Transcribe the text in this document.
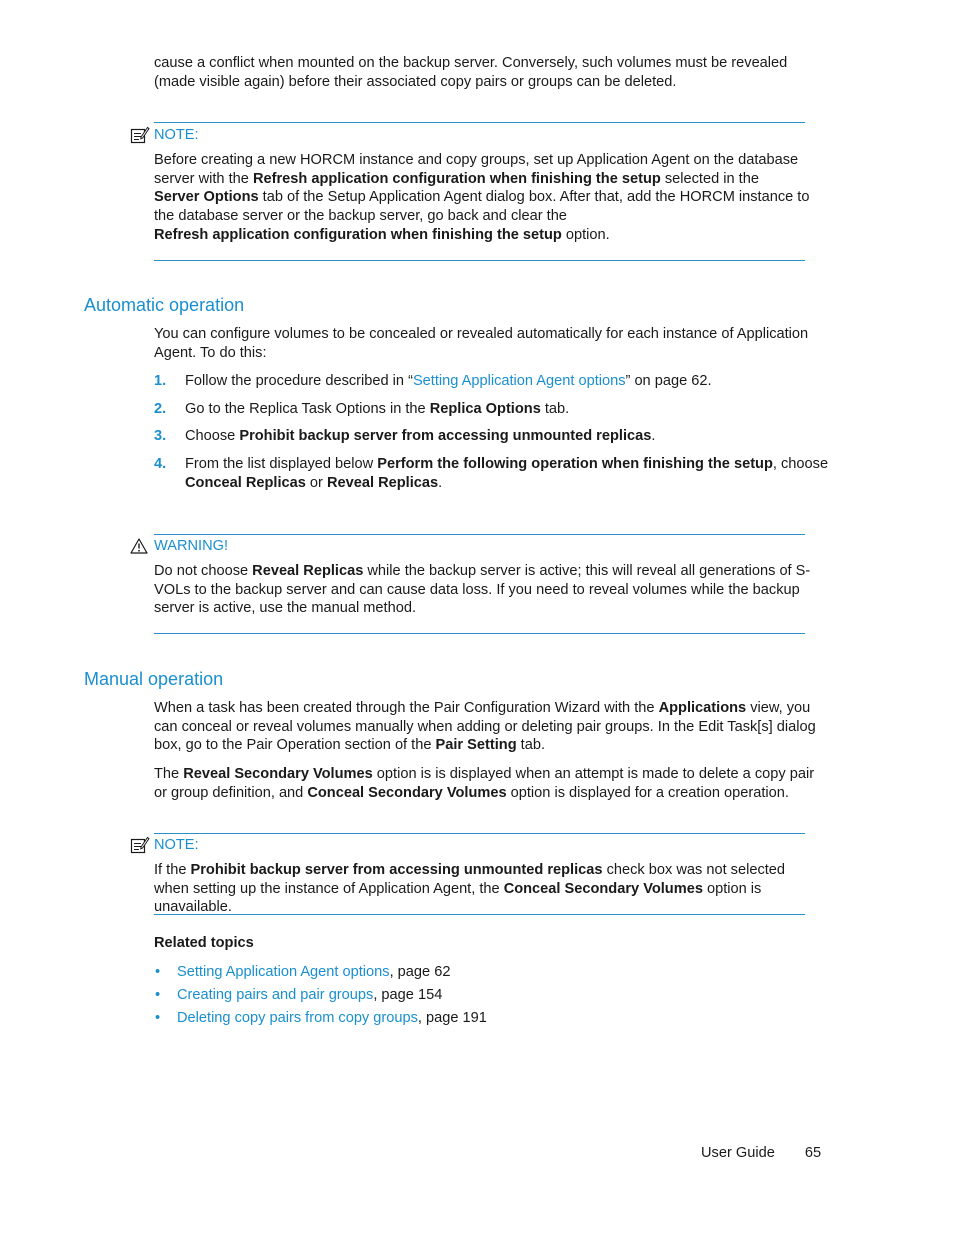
cause a conflict when mounted on the backup server. Conversely, such volumes must be revealed
(made visible again) before their associated copy pairs or groups can be deleted.

NOTE:

Before creating a new HORCM instance and copy groups, set up Application Agent on the database server with the Refresh application configuration when finishing the setup selected in the
Server Options tab of the Setup Application Agent dialog box. After that, add the HORCM instance to the database server or the backup server, go back and clear the
Refresh application configuration when finishing the setup option.

Automatic operation

You can configure volumes to be concealed or revealed automatically for each instance of Application Agent. To do this:

1. Follow the procedure described in “Setting Application Agent options” on page 62.
2. Go to the Replica Task Options in the Replica Options tab.
3. Choose Prohibit backup server from accessing unmounted replicas.
4. From the list displayed below Perform the following operation when finishing the setup, choose
Conceal Replicas or Reveal Replicas.
WARNING!

Do not choose Reveal Replicas while the backup server is active; this will reveal all generations of S-VOLs to the backup server and can cause data loss. If you need to reveal volumes while the backup server is active, use the manual method.

Manual operation

When a task has been created through the Pair Configuration Wizard with the Applications view, you can conceal or reveal volumes manually when adding or deleting pair groups. In the Edit Task[s] dialog box, go to the Pair Operation section of the Pair Setting tab.

The Reveal Secondary Volumes option is is displayed when an attempt is made to delete a copy pair or group definition, and Conceal Secondary Volumes option is displayed for a creation operation.

NOTE:

If the Prohibit backup server from accessing unmounted replicas check box was not selected when setting up the instance of Application Agent, the Conceal Secondary Volumes option is unavailable.

Related topics
• Setting Application Agent options, page 62
• Creating pairs and pair groups, page 154
• Deleting copy pairs from copy groups, page 191
User Guide 65
